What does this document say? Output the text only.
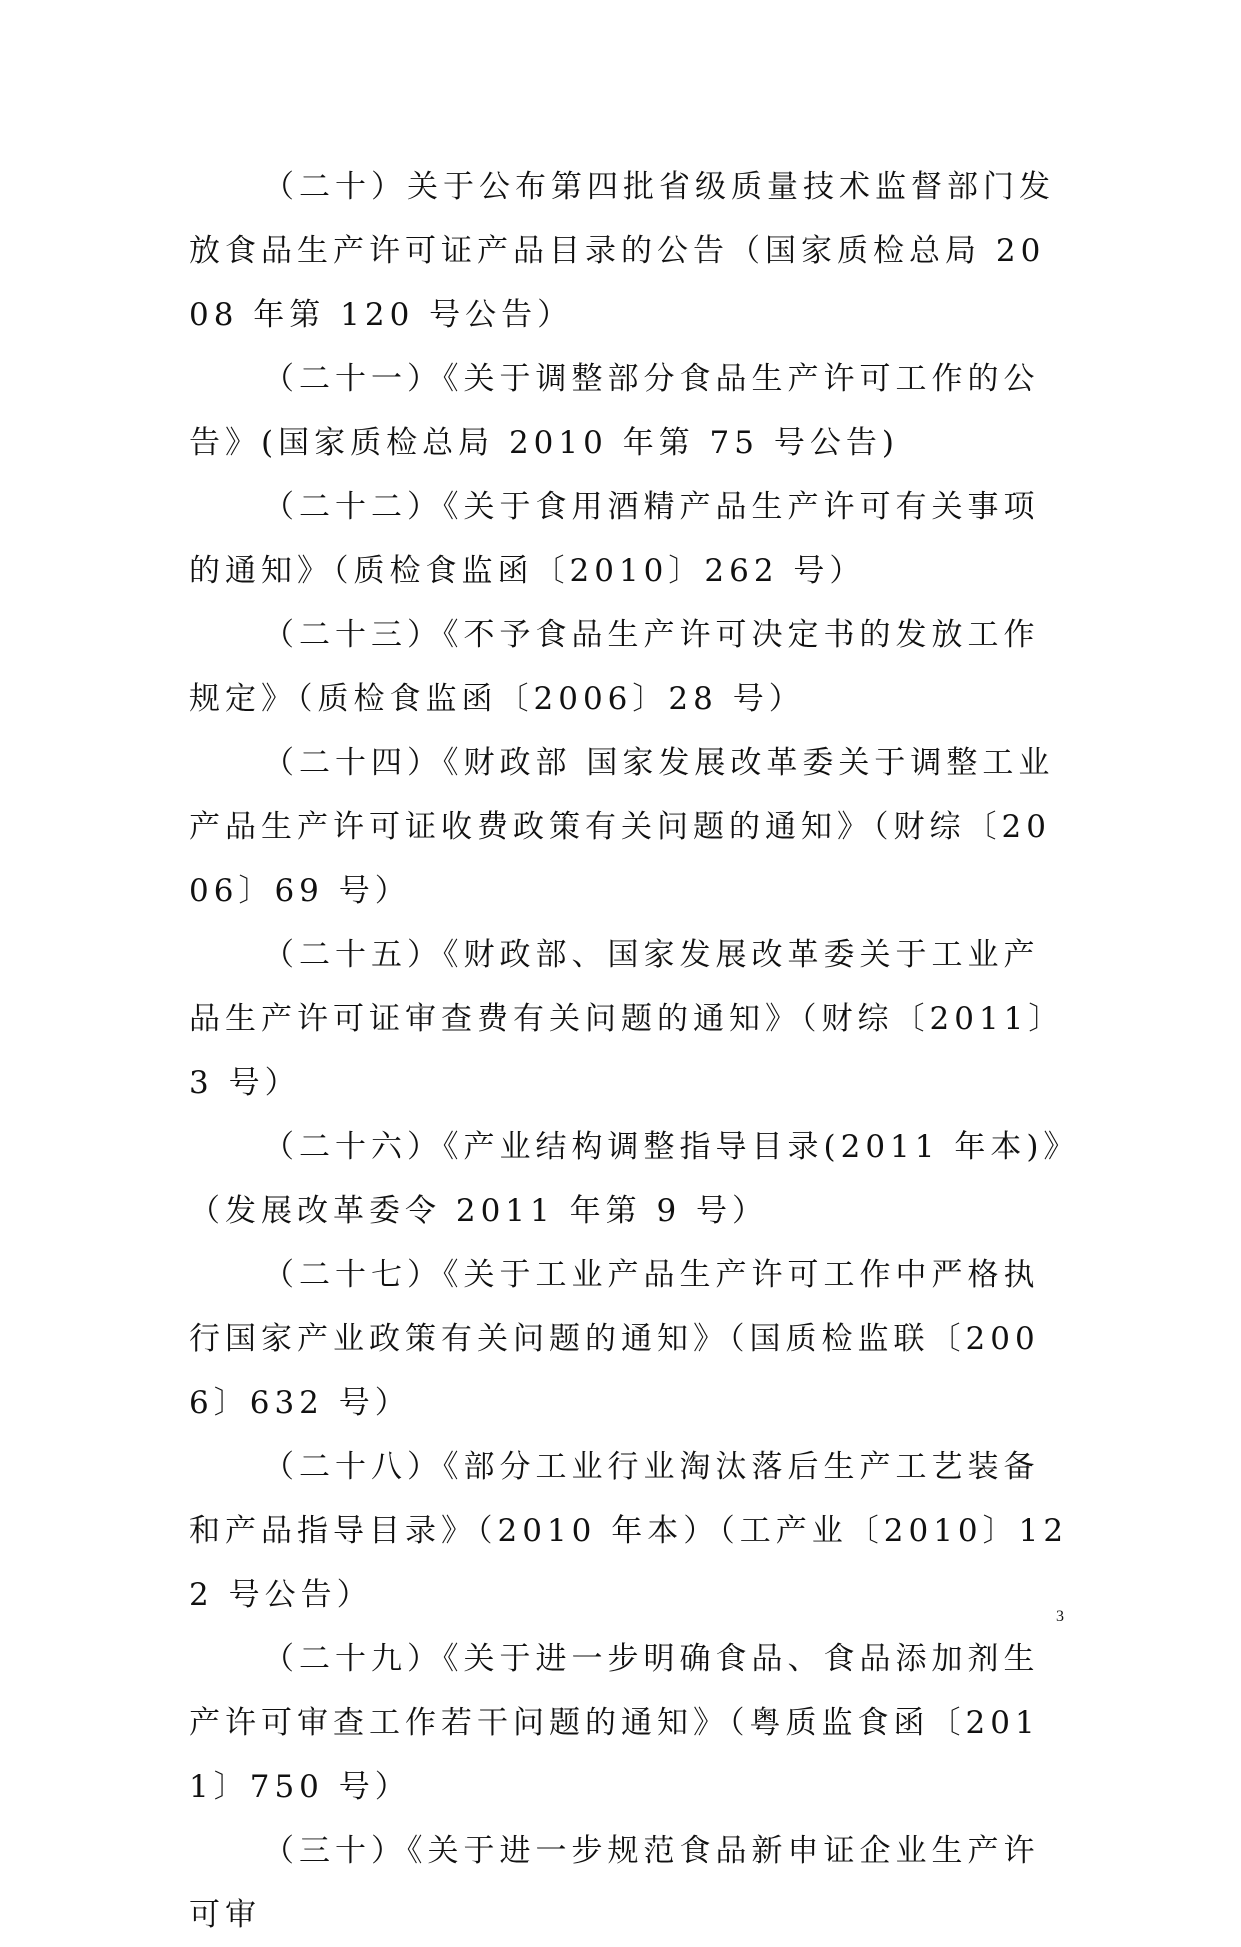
（二十）关于公布第四批省级质量技术监督部门发放食品生产许可证产品目录的公告（国家质检总局 2008 年第 120 号公告）

（二十一）《关于调整部分食品生产许可工作的公告》(国家质检总局 2010 年第 75 号公告)

（二十二）《关于食用酒精产品生产许可有关事项的通知》（质检食监函〔2010〕262 号）

（二十三）《不予食品生产许可决定书的发放工作规定》（质检食监函〔2006〕28 号）

（二十四）《财政部 国家发展改革委关于调整工业产品生产许可证收费政策有关问题的通知》（财综〔2006〕69 号）

（二十五）《财政部、国家发展改革委关于工业产品生产许可证审查费有关问题的通知》（财综〔2011〕3 号）

（二十六）《产业结构调整指导目录(2011 年本)》（发展改革委令 2011 年第 9 号）

（二十七）《关于工业产品生产许可工作中严格执行国家产业政策有关问题的通知》（国质检监联〔2006〕632 号）

（二十八）《部分工业行业淘汰落后生产工艺装备和产品指导目录》（2010 年本）（工产业〔2010〕122 号公告）

（二十九）《关于进一步明确食品、食品添加剂生产许可审查工作若干问题的通知》（粤质监食函〔2011〕750 号）

（三十）《关于进一步规范食品新申证企业生产许可审

3
